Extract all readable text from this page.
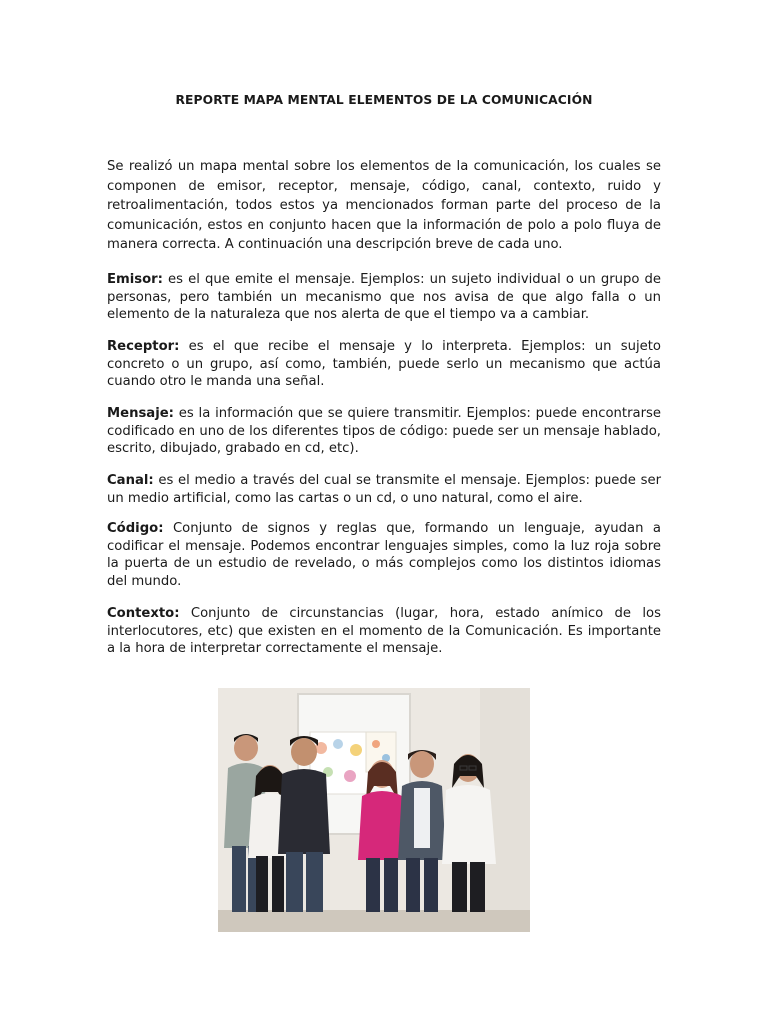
REPORTE MAPA MENTAL ELEMENTOS DE LA COMUNICACIÓN

Se realizó un mapa mental sobre los elementos de la comunicación, los cuales se componen de emisor, receptor, mensaje, código, canal, contexto, ruido y retroalimentación, todos estos ya mencionados forman parte del proceso de la comunicación, estos en conjunto hacen que la información de polo a polo fluya de manera correcta. A continuación una descripción breve de cada uno.

Emisor: es el que emite el mensaje. Ejemplos: un sujeto individual o un grupo de personas, pero también un mecanismo que nos avisa de que algo falla o un elemento de la naturaleza que nos alerta de que el tiempo va a cambiar.

Receptor: es el que recibe el mensaje y lo interpreta. Ejemplos: un sujeto concreto o un grupo, así como, también, puede serlo un mecanismo que actúa cuando otro le manda una señal.

Mensaje: es la información que se quiere transmitir. Ejemplos: puede encontrarse codificado en uno de los diferentes tipos de código: puede ser un mensaje hablado, escrito, dibujado, grabado en cd, etc).

Canal: es el medio a través del cual se transmite el mensaje. Ejemplos: puede ser un medio artificial, como las cartas o un cd, o uno natural, como el aire.

Código: Conjunto de signos y reglas que, formando un lenguaje, ayudan a codificar el mensaje. Podemos encontrar lenguajes simples, como la luz roja sobre la puerta de un estudio de revelado, o más complejos como los distintos idiomas del mundo.

Contexto: Conjunto de circunstancias (lugar, hora, estado anímico de los interlocutores, etc) que existen en el momento de la Comunicación. Es importante a la hora de interpretar correctamente el mensaje.
